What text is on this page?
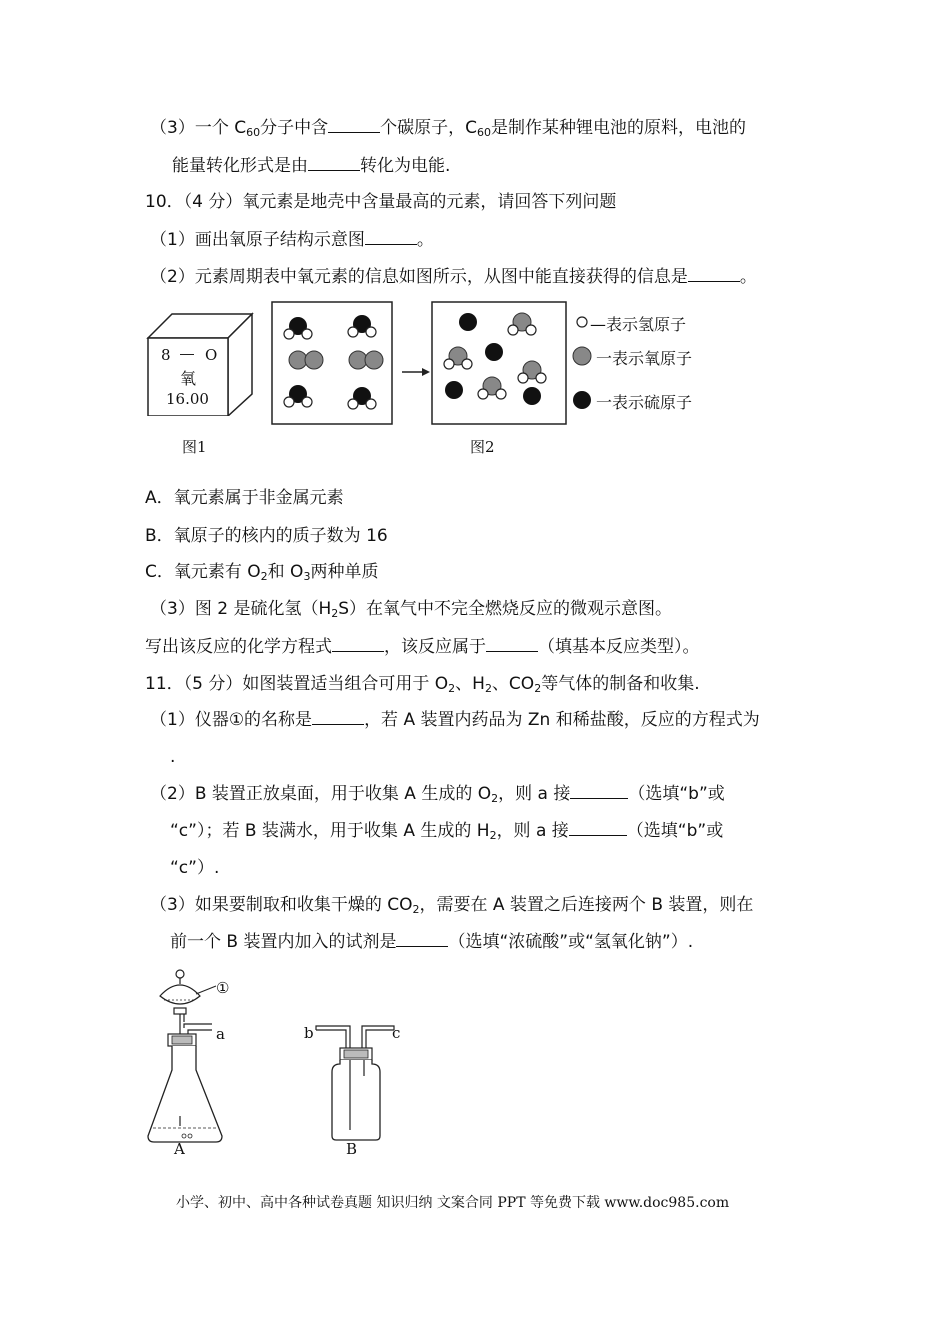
（3）一个 $C_{60}$分子中含	个碳原子，$C_{60}$是制作某种锂电池的原料，电池的
能量转化形式是由	转化为电能.
10．（4 分）氧元素是地壳中含量最高的元素，请回答下列问题
（1）画出氧原子结构示意图	。
（2）元素周期表中氧元素的信息如图所示，从图中能直接获得的信息是	。
8 O
氧
16.00
图1	图2
—表示氢原子
一表示氧原子
一表示硫原子
A．氧元素属于非金属元素
B．氧原子的核内的质子数为 16
C．氧元素有 $O_2$和 $O_3$两种单质
（3）图 2 是硫化氢$(H_2S)$在氧气中不完全燃烧反应的微观示意图。
写出该反应的化学方程式	，该反应属于	（填基本反应类型）。
11．（5 分）如图装置适当组合可用于 $O_2$、$H_2$、$CO_2$等气体的制备和收集.
（1）仪器①的名称是	，若 A 装置内药品为 Zn 和稀盐酸，反应的方程式为
.
（2）B 装置正放桌面，用于收集 A 生成的 $O_2$，则 a 接	（选填“b”或
“c”）；若 B 装满水，用于收集 A 生成的 $H_2$，则 a 接	（选填“b”或
“c”）.
（3）如果要制取和收集干燥的 $CO_2$，需要在 A 装置之后连接两个 B 装置，则在
前一个 B 装置内加入的试剂是	（选填“浓硫酸”或“氢氧化钠”）.
①
a
A
b	c
B
小学、初中、高中各种试卷真题 知识归纳 文案合同 PPT 等免费下载 www.doc985.com
